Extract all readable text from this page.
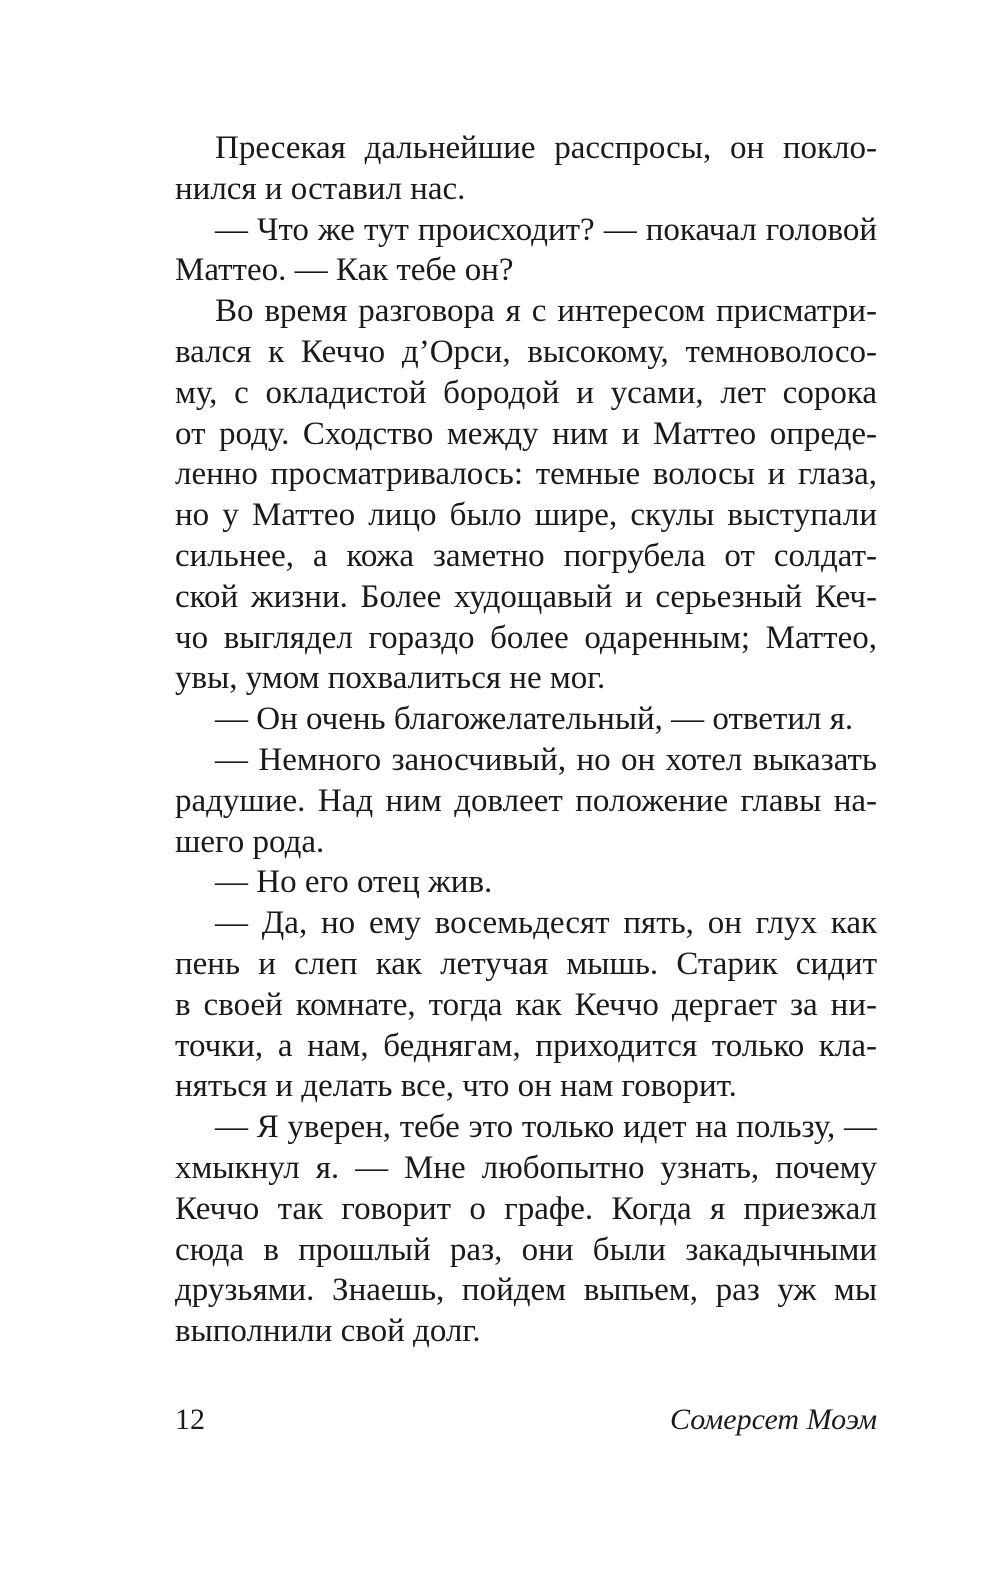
Пресекая дальнейшие расспросы, он покло-
нился и оставил нас.
— Что же тут происходит? — покачал головой
Маттео. — Как тебе он?
Во время разговора я с интересом присматри-
вался к Кеччо д’Орси, высокому, темноволосо-
му, с окладистой бородой и усами, лет сорока
от роду. Сходство между ним и Маттео опреде-
ленно просматривалось: темные волосы и глаза,
но у Маттео лицо было шире, скулы выступали
сильнее, а кожа заметно погрубела от солдат-
ской жизни. Более худощавый и серьезный Кеч-
чо выглядел гораздо более одаренным; Маттео,
увы, умом похвалиться не мог.
— Он очень благожелательный, — ответил я.
— Немного заносчивый, но он хотел выказать
радушие. Над ним довлеет положение главы на-
шего рода.
— Но его отец жив.
— Да, но ему восемьдесят пять, он глух как
пень и слеп как летучая мышь. Старик сидит
в своей комнате, тогда как Кеччо дергает за ни-
точки, а нам, беднягам, приходится только кла-
няться и делать все, что он нам говорит.
— Я уверен, тебе это только идет на пользу, —
хмыкнул я. — Мне любопытно узнать, почему
Кеччо так говорит о графе. Когда я приезжал
сюда в прошлый раз, они были закадычными
друзьями. Знаешь, пойдем выпьем, раз уж мы
выполнили свой долг.
12	Сомерсет Моэм
